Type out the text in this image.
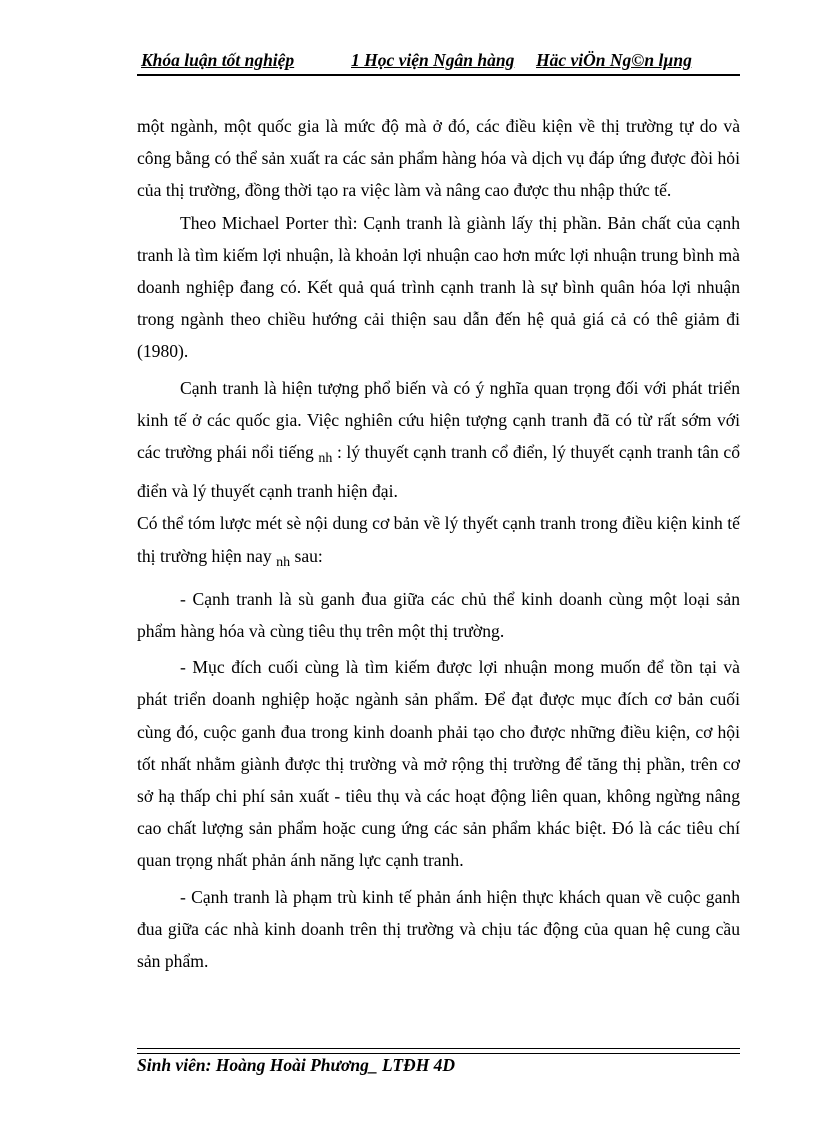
Khóa luận tốt nghiệp	1 Học viện Ngân hàng Häc viÖn Ng©n lµng

một ngành, một quốc gia là mức độ mà ở đó, các điều kiện về thị trường tự do và công bằng có thể sản xuất ra các sản phẩm hàng hóa và dịch vụ đáp ứng được đòi hỏi của thị trường, đồng thời tạo ra việc làm và nâng cao được thu nhập thức tế.

Theo Michael Porter thì: Cạnh tranh là giành lấy thị phần. Bản chất của cạnh tranh là tìm kiếm lợi nhuận, là khoản lợi nhuận cao hơn mức lợi nhuận trung bình mà doanh nghiệp đang có. Kết quả quá trình cạnh tranh là sự bình quân hóa lợi nhuận trong ngành theo chiều hướng cải thiện sau dẫn đến hệ quả giá cả có thê giảm đi (1980).

Cạnh tranh là hiện tượng phổ biến và có ý nghĩa quan trọng đối với phát triển kinh tế ở các quốc gia. Việc nghiên cứu hiện tượng cạnh tranh đã có từ rất sớm với các trường phái nổi tiếng $_{nh}$ : lý thuyết cạnh tranh cổ điển, lý thuyết cạnh tranh tân cổ điển và lý thuyết cạnh tranh hiện đại.

Có thể tóm lược mét sè nội dung cơ bản về lý thyết cạnh tranh trong điều kiện kinh tế thị trường hiện nay $_{nh}$ sau:

- Cạnh tranh là sù ganh đua giữa các chủ thể kinh doanh cùng một loại sản phẩm hàng hóa và cùng tiêu thụ trên một thị trường.

- Mục đích cuối cùng là tìm kiếm được lợi nhuận mong muốn để tồn tại và phát triển doanh nghiệp hoặc ngành sản phẩm. Để đạt được mục đích cơ bản cuối cùng đó, cuộc ganh đua trong kinh doanh phải tạo cho được những điều kiện, cơ hội tốt nhất nhằm giành được thị trường và mở rộng thị trường để tăng thị phần, trên cơ sở hạ thấp chi phí sản xuất - tiêu thụ và các hoạt động liên quan, không ngừng nâng cao chất lượng sản phẩm hoặc cung ứng các sản phẩm khác biệt. Đó là các tiêu chí quan trọng nhất phản ánh năng lực cạnh tranh.

- Cạnh tranh là phạm trù kinh tế phản ánh hiện thực khách quan về cuộc ganh đua giữa các nhà kinh doanh trên thị trường và chịu tác động của quan hệ cung cầu sản phẩm.

Sinh viên: Hoàng Hoài Phương_ LTĐH 4D
